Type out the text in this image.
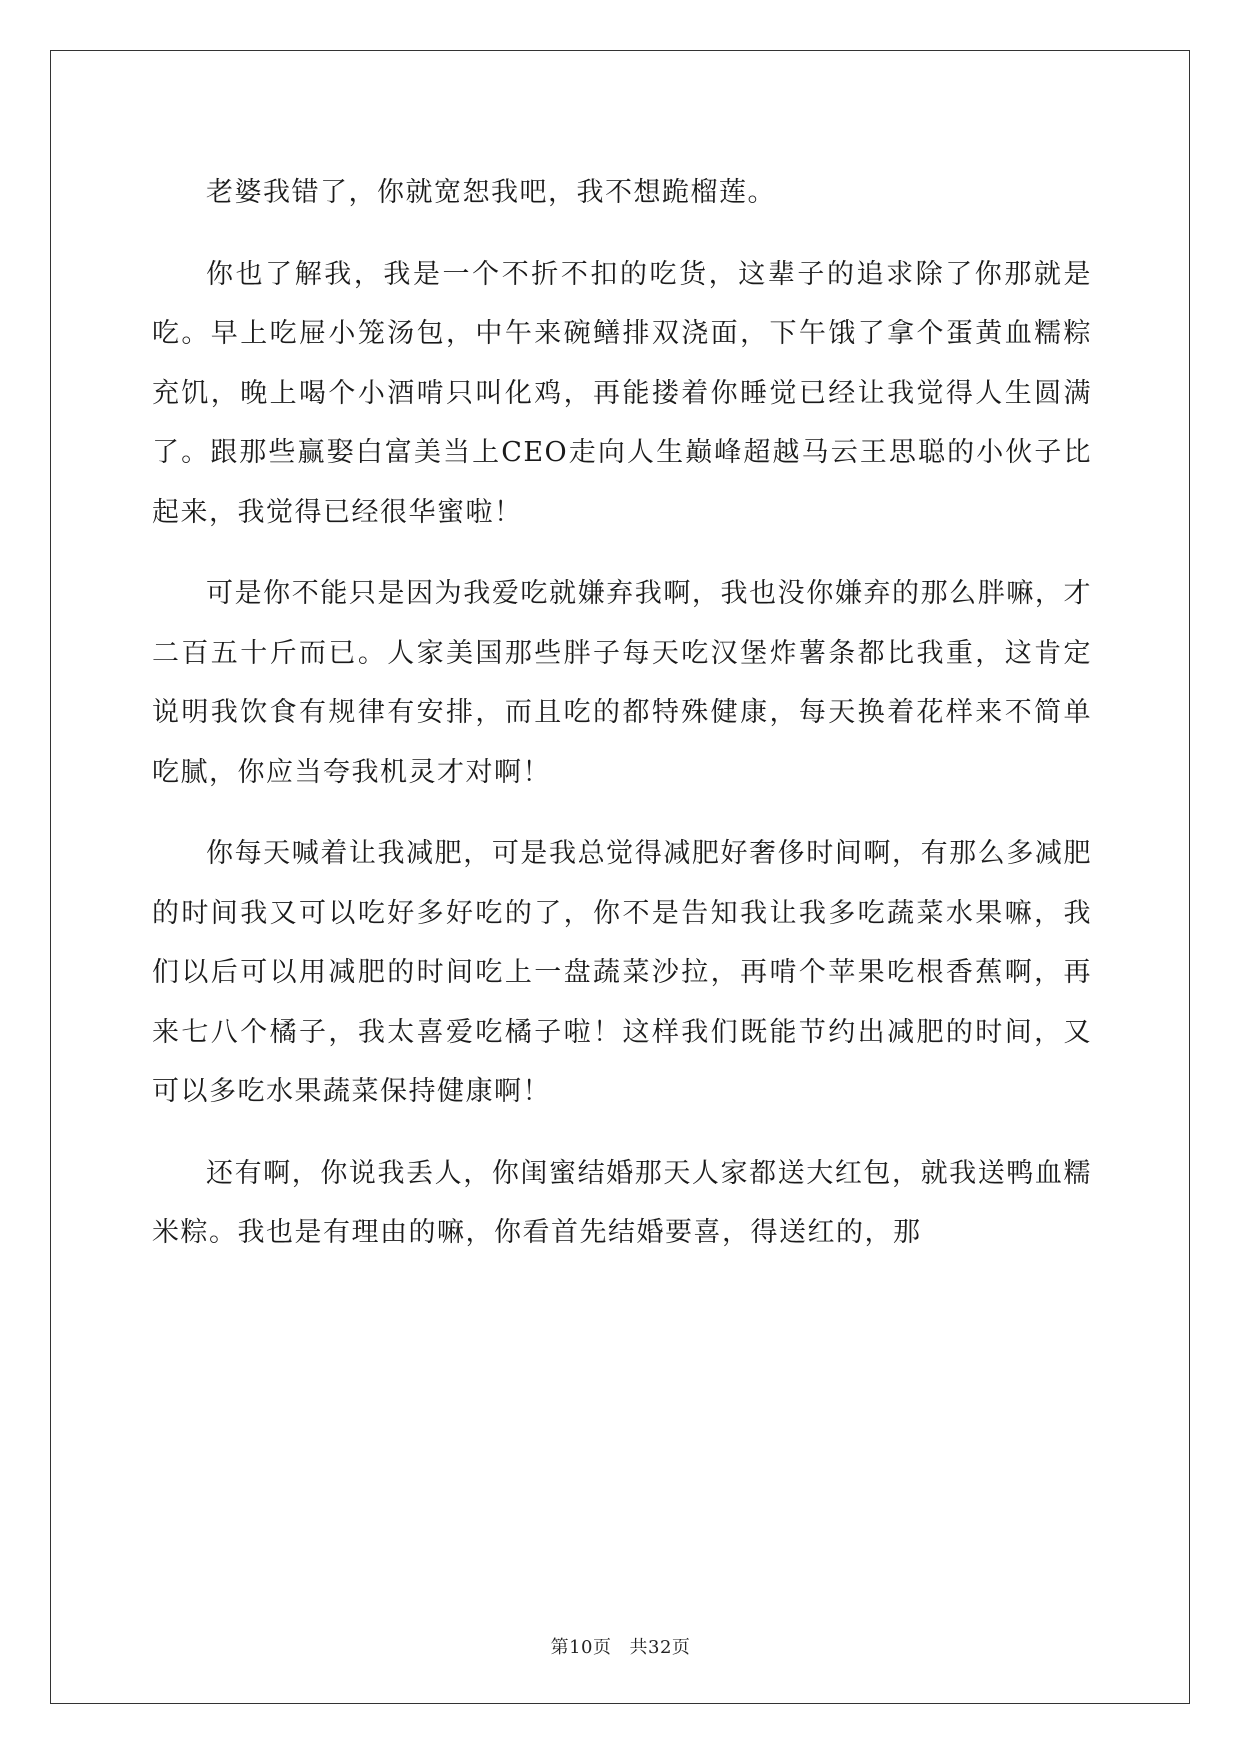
老婆我错了，你就宽恕我吧，我不想跪榴莲。

你也了解我，我是一个不折不扣的吃货，这辈子的追求除了你那就是吃。早上吃屉小笼汤包，中午来碗鳝排双浇面，下午饿了拿个蛋黄血糯粽充饥，晚上喝个小酒啃只叫化鸡，再能搂着你睡觉已经让我觉得人生圆满了。跟那些赢娶白富美当上CEO走向人生巅峰超越马云王思聪的小伙子比起来，我觉得已经很华蜜啦！

可是你不能只是因为我爱吃就嫌弃我啊，我也没你嫌弃的那么胖嘛，才二百五十斤而已。人家美国那些胖子每天吃汉堡炸薯条都比我重，这肯定说明我饮食有规律有安排，而且吃的都特殊健康，每天换着花样来不简单吃腻，你应当夸我机灵才对啊！

你每天喊着让我减肥，可是我总觉得减肥好奢侈时间啊，有那么多减肥的时间我又可以吃好多好吃的了，你不是告知我让我多吃蔬菜水果嘛，我们以后可以用减肥的时间吃上一盘蔬菜沙拉，再啃个苹果吃根香蕉啊，再来七八个橘子，我太喜爱吃橘子啦！这样我们既能节约出减肥的时间，又可以多吃水果蔬菜保持健康啊！

还有啊，你说我丢人，你闺蜜结婚那天人家都送大红包，就我送鸭血糯米粽。我也是有理由的嘛，你看首先结婚要喜，得送红的，那

第10页 共32页
